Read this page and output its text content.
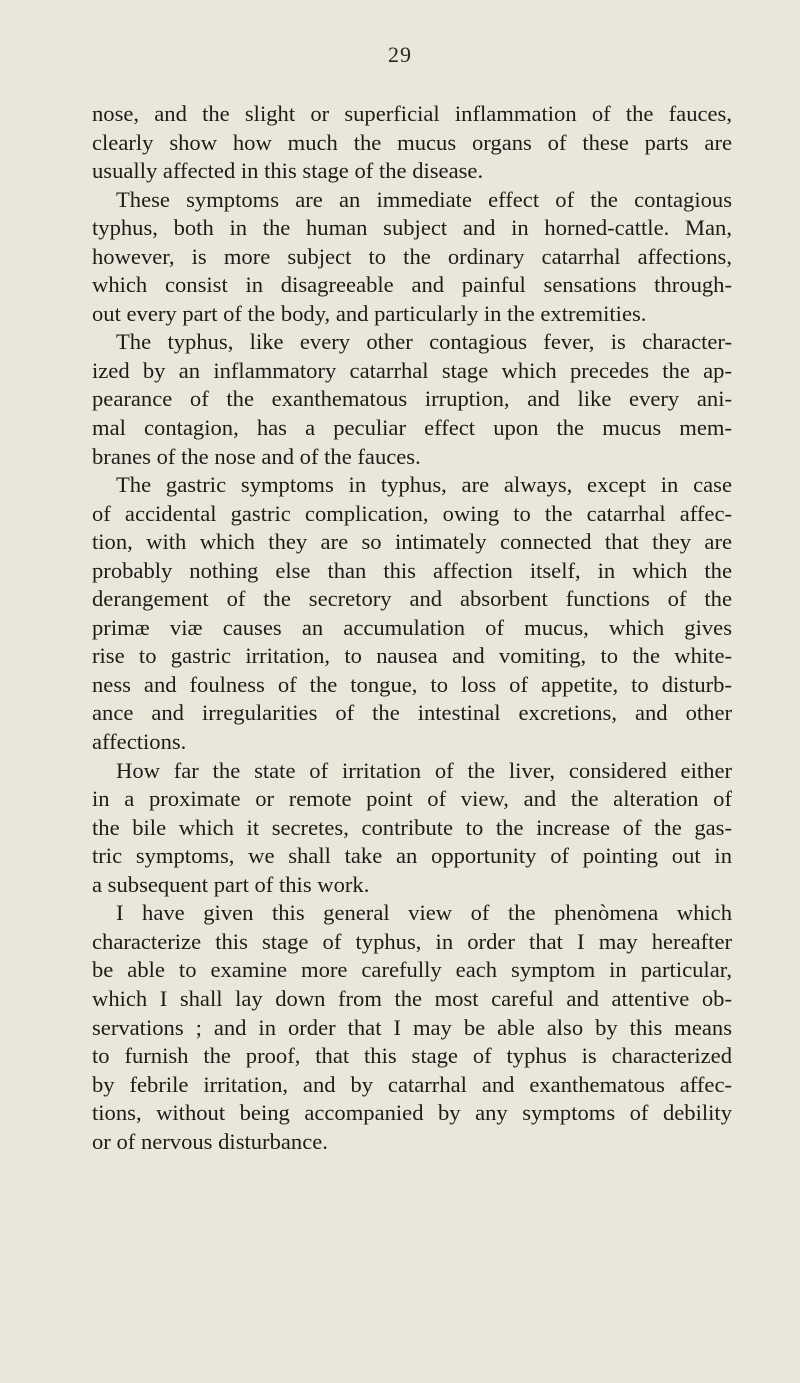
29
nose, and the slight or superficial inflammation of the fauces,
clearly show how much the mucus organs of these parts are
usually affected in this stage of the disease.
These symptoms are an immediate effect of the contagious
typhus, both in the human subject and in horned-cattle. Man,
however, is more subject to the ordinary catarrhal affections,
which consist in disagreeable and painful sensations through-
out every part of the body, and particularly in the extremities.
The typhus, like every other contagious fever, is character-
ized by an inflammatory catarrhal stage which precedes the ap-
pearance of the exanthematous irruption, and like every ani-
mal contagion, has a peculiar effect upon the mucus mem-
branes of the nose and of the fauces.
The gastric symptoms in typhus, are always, except in case
of accidental gastric complication, owing to the catarrhal affec-
tion, with which they are so intimately connected that they are
probably nothing else than this affection itself, in which the
derangement of the secretory and absorbent functions of the
primæ viæ causes an accumulation of mucus, which gives
rise to gastric irritation, to nausea and vomiting, to the white-
ness and foulness of the tongue, to loss of appetite, to disturb-
ance and irregularities of the intestinal excretions, and other
affections.
How far the state of irritation of the liver, considered either
in a proximate or remote point of view, and the alteration of
the bile which it secretes, contribute to the increase of the gas-
tric symptoms, we shall take an opportunity of pointing out in
a subsequent part of this work.
I have given this general view of the phenòmena which
characterize this stage of typhus, in order that I may hereafter
be able to examine more carefully each symptom in particular,
which I shall lay down from the most careful and attentive ob-
servations ; and in order that I may be able also by this means
to furnish the proof, that this stage of typhus is characterized
by febrile irritation, and by catarrhal and exanthematous affec-
tions, without being accompanied by any symptoms of debility
or of nervous disturbance.
